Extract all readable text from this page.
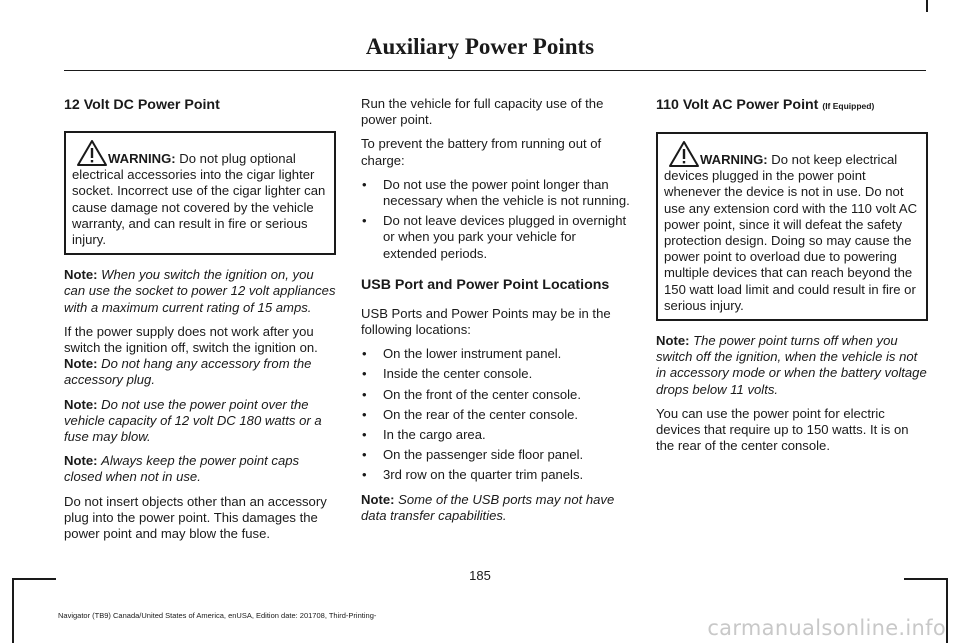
Auxiliary Power Points
12 Volt DC Power Point
WARNING: Do not plug optional electrical accessories into the cigar lighter socket. Incorrect use of the cigar lighter can cause damage not covered by the vehicle warranty, and can result in fire or serious injury.

Note: When you switch the ignition on, you can use the socket to power 12 volt appliances with a maximum current rating of 15 amps.

If the power supply does not work after you switch the ignition off, switch the ignition on.

Note: Do not hang any accessory from the accessory plug.

Note: Do not use the power point over the vehicle capacity of 12 volt DC 180 watts or a fuse may blow.

Note: Always keep the power point caps closed when not in use.

Do not insert objects other than an accessory plug into the power point. This damages the power point and may blow the fuse.

Run the vehicle for full capacity use of the power point.

To prevent the battery from running out of charge:

• Do not use the power point longer than necessary when the vehicle is not running.
• Do not leave devices plugged in overnight or when you park your vehicle for extended periods.
USB Port and Power Point Locations

USB Ports and Power Points may be in the following locations:

• On the lower instrument panel.
• Inside the center console.
• On the front of the center console.
• On the rear of the center console.
• In the cargo area.
• On the passenger side floor panel.
• 3rd row on the quarter trim panels.

Note: Some of the USB ports may not have data transfer capabilities.

110 Volt AC Power Point (If Equipped)
WARNING: Do not keep electrical devices plugged in the power point whenever the device is not in use. Do not use any extension cord with the 110 volt AC power point, since it will defeat the safety protection design. Doing so may cause the power point to overload due to powering multiple devices that can reach beyond the 150 watt load limit and could result in fire or serious injury.

Note: The power point turns off when you switch off the ignition, when the vehicle is not in accessory mode or when the battery voltage drops below 11 volts.

You can use the power point for electric devices that require up to 150 watts. It is on the rear of the center console.

185
Navigator (TB9) Canada/United States of America, enUSA, Edition date: 201708, Third-Printing-
carmanualsonline.info
